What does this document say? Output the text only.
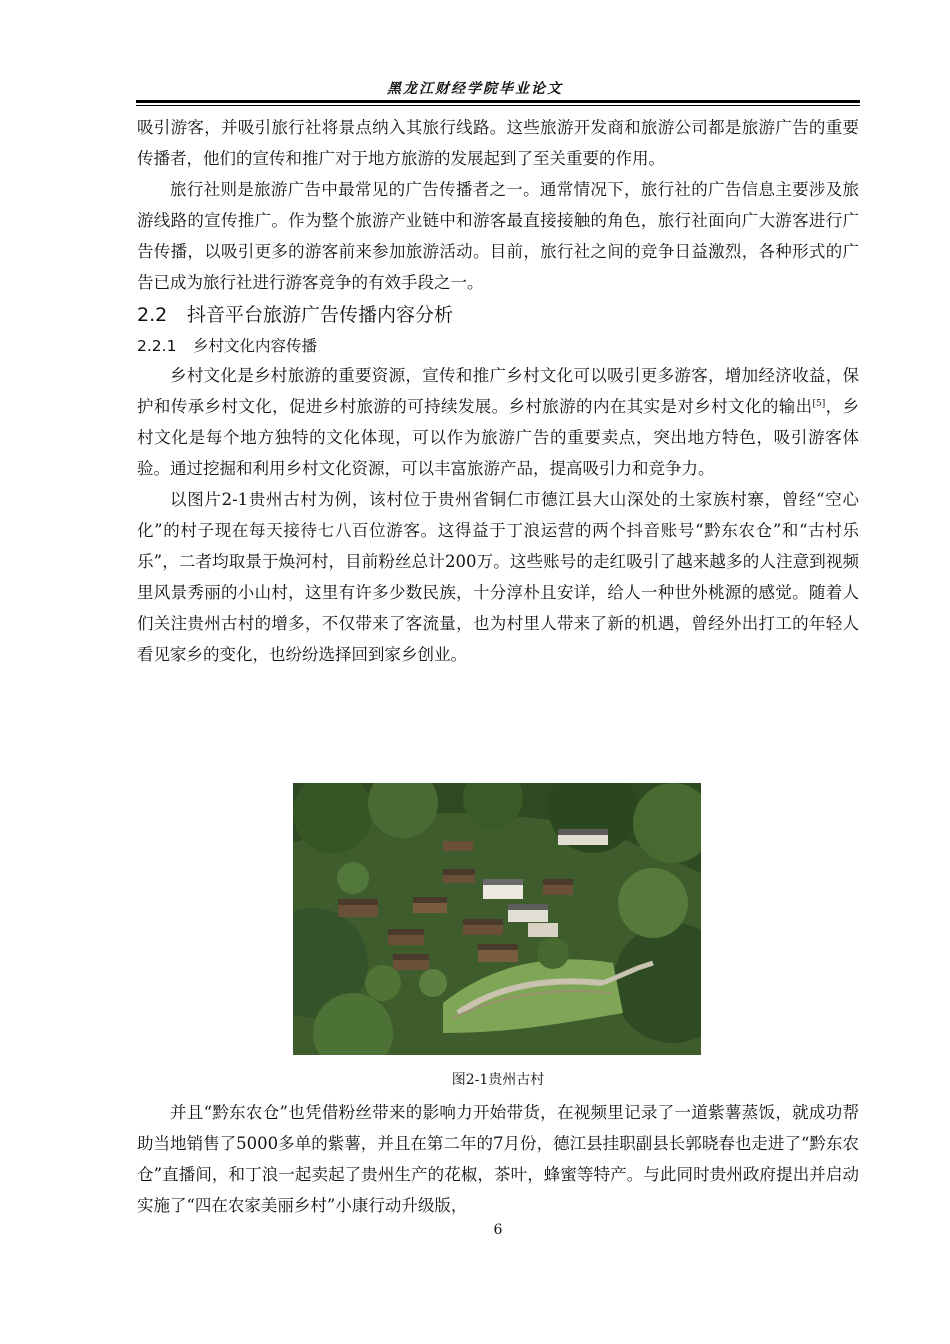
黑龙江财经学院毕业论文

吸引游客，并吸引旅行社将景点纳入其旅行线路。这些旅游开发商和旅游公司都是旅游广告的重要传播者，他们的宣传和推广对于地方旅游的发展起到了至关重要的作用。

旅行社则是旅游广告中最常见的广告传播者之一。通常情况下，旅行社的广告信息主要涉及旅游线路的宣传推广。作为整个旅游产业链中和游客最直接接触的角色，旅行社面向广大游客进行广告传播，以吸引更多的游客前来参加旅游活动。目前，旅行社之间的竞争日益激烈，各种形式的广告已成为旅行社进行游客竞争的有效手段之一。

2.2 抖音平台旅游广告传播内容分析
2.2.1 乡村文化内容传播

乡村文化是乡村旅游的重要资源，宣传和推广乡村文化可以吸引更多游客，增加经济收益，保护和传承乡村文化，促进乡村旅游的可持续发展。乡村旅游的内在其实是对乡村文化的输出[5]，乡村文化是每个地方独特的文化体现，可以作为旅游广告的重要卖点，突出地方特色，吸引游客体验。通过挖掘和利用乡村文化资源，可以丰富旅游产品，提高吸引力和竞争力。

以图片2-1贵州古村为例，该村位于贵州省铜仁市德江县大山深处的土家族村寨，曾经“空心化”的村子现在每天接待七八百位游客。这得益于丁浪运营的两个抖音账号“黔东农仓”和“古村乐乐”，二者均取景于焕河村，目前粉丝总计200万。这些账号的走红吸引了越来越多的人注意到视频里风景秀丽的小山村，这里有许多少数民族，十分淳朴且安详，给人一种世外桃源的感觉。随着人们关注贵州古村的增多，不仅带来了客流量，也为村里人带来了新的机遇，曾经外出打工的年轻人看见家乡的变化，也纷纷选择回到家乡创业。

图2-1贵州古村

并且“黔东农仓”也凭借粉丝带来的影响力开始带货，在视频里记录了一道紫薯蒸饭，就成功帮助当地销售了5000多单的紫薯，并且在第二年的7月份，德江县挂职副县长郭晓春也走进了“黔东农仓”直播间，和丁浪一起卖起了贵州生产的花椒，茶叶，蜂蜜等特产。与此同时贵州政府提出并启动实施了“四在农家美丽乡村”小康行动升级版，

6
